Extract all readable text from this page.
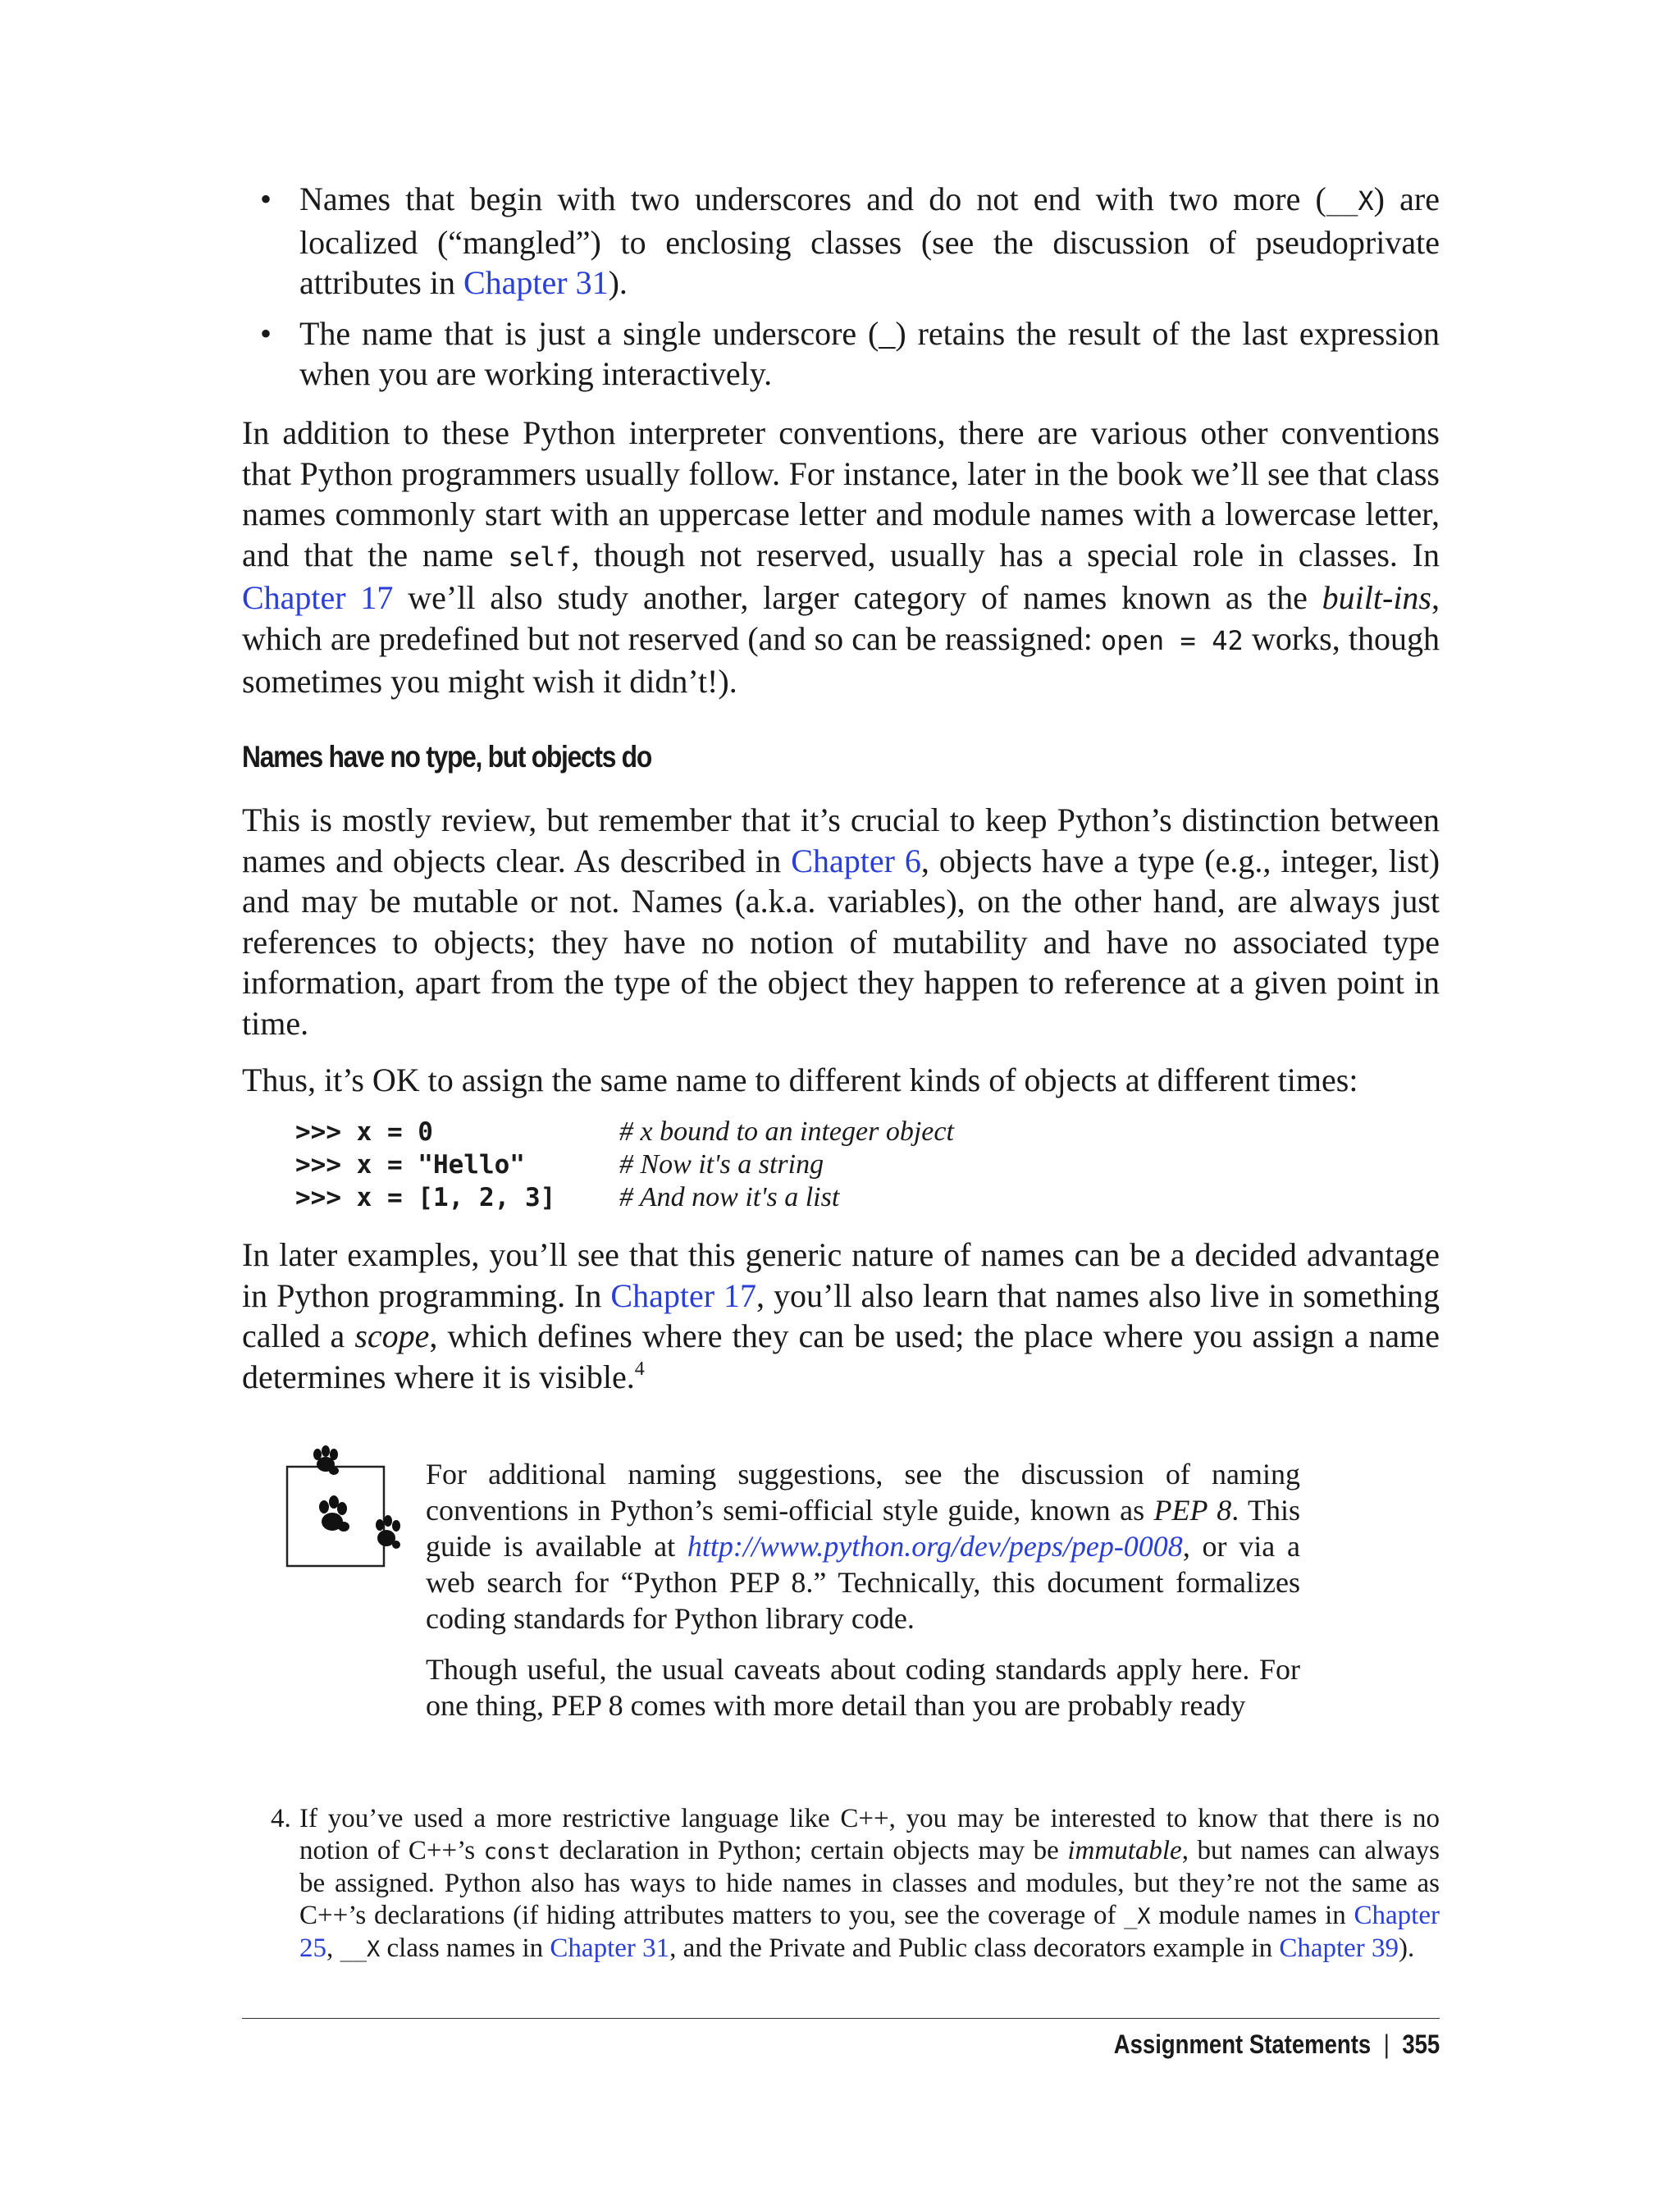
• Names that begin with two underscores and do not end with two more (__X) are localized (“mangled”) to enclosing classes (see the discussion of pseudoprivate attributes in Chapter 31).
• The name that is just a single underscore (_) retains the result of the last expression when you are working interactively.

In addition to these Python interpreter conventions, there are various other conventions that Python programmers usually follow. For instance, later in the book we’ll see that class names commonly start with an uppercase letter and module names with a lowercase letter, and that the name self, though not reserved, usually has a special role in classes. In Chapter 17 we’ll also study another, larger category of names known as the built-ins, which are predefined but not reserved (and so can be reassigned: open = 42 works, though sometimes you might wish it didn’t!).

Names have no type, but objects do

This is mostly review, but remember that it’s crucial to keep Python’s distinction between names and objects clear. As described in Chapter 6, objects have a type (e.g., integer, list) and may be mutable or not. Names (a.k.a. variables), on the other hand, are always just references to objects; they have no notion of mutability and have no associated type information, apart from the type of the object they happen to reference at a given point in time.

Thus, it’s OK to assign the same name to different kinds of objects at different times:

>>> x = 0	# x bound to an integer object
>>> x = "Hello"	# Now it's a string
>>> x = [1, 2, 3] # And now it's a list

In later examples, you’ll see that this generic nature of names can be a decided advantage in Python programming. In Chapter 17, you’ll also learn that names also live in something called a scope, which defines where they can be used; the place where you assign a name determines where it is visible.$^4$

For additional naming suggestions, see the discussion of naming conventions in Python’s semi-official style guide, known as PEP 8. This guide is available at http://www.python.org/dev/peps/pep-0008, or via a web search for “Python PEP 8.” Technically, this document formalizes coding standards for Python library code.

Though useful, the usual caveats about coding standards apply here. For one thing, PEP 8 comes with more detail than you are probably ready

4. If you’ve used a more restrictive language like C++, you may be interested to know that there is no notion of C++’s const declaration in Python; certain objects may be immutable, but names can always be assigned. Python also has ways to hide names in classes and modules, but they’re not the same as C++’s declarations (if hiding attributes matters to you, see the coverage of _X module names in Chapter 25, __X class names in Chapter 31, and the Private and Public class decorators example in Chapter 39).

Assignment Statements | 355
